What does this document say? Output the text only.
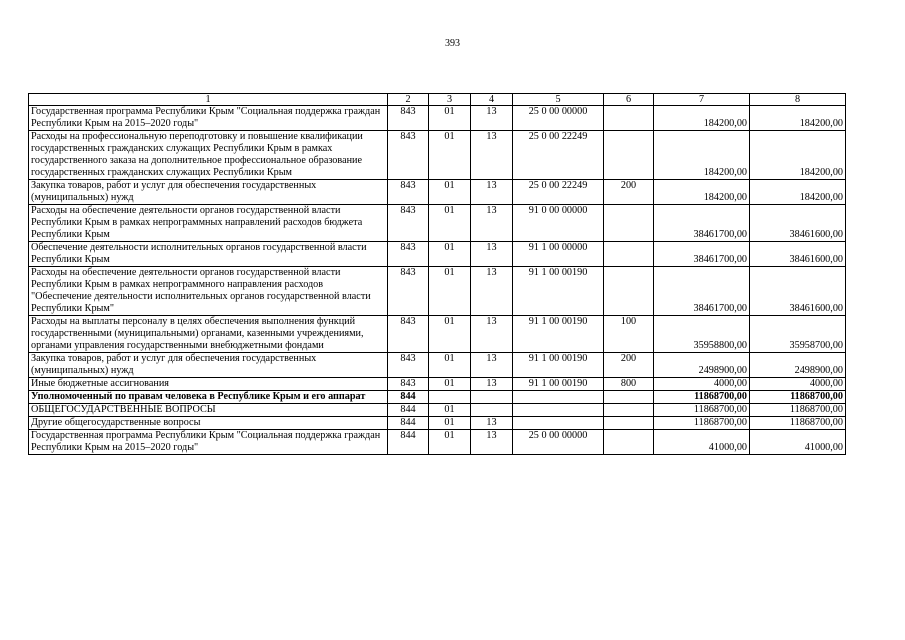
393
1	2	3	4	5	6	7	8
Государственная программа Республики Крым "Социальная поддержка граждан Республики Крым на 2015–2020 годы"	843	01	13	25 0 00 00000		184200,00	184200,00
Расходы на профессиональную переподготовку и повышение квалификации государственных гражданских служащих Республики Крым в рамках государственного заказа на дополнительное профессиональное образование государственных гражданских служащих Республики Крым	843	01	13	25 0 00 22249		184200,00	184200,00
Закупка товаров, работ и услуг для обеспечения государственных (муниципальных) нужд	843	01	13	25 0 00 22249	200	184200,00	184200,00
Расходы на обеспечение деятельности органов государственной власти Республики Крым в рамках непрограммных направлений расходов бюджета Республики Крым	843	01	13	91 0 00 00000		38461700,00	38461600,00
Обеспечение деятельности исполнительных органов государственной власти Республики Крым	843	01	13	91 1 00 00000		38461700,00	38461600,00
Расходы на обеспечение деятельности органов государственной власти Республики Крым в рамках непрограммного направления расходов "Обеспечение деятельности исполнительных органов государственной власти Республики Крым"	843	01	13	91 1 00 00190		38461700,00	38461600,00
Расходы на выплаты персоналу в целях обеспечения выполнения функций государственными (муниципальными) органами, казенными учреждениями, органами управления государственными внебюджетными фондами	843	01	13	91 1 00 00190	100	35958800,00	35958700,00
Закупка товаров, работ и услуг для обеспечения государственных (муниципальных) нужд	843	01	13	91 1 00 00190	200	2498900,00	2498900,00
Иные бюджетные ассигнования	843	01	13	91 1 00 00190	800	4000,00	4000,00
Уполномоченный по правам человека в Республике Крым и его аппарат	844					11868700,00	11868700,00
ОБЩЕГОСУДАРСТВЕННЫЕ ВОПРОСЫ	844	01				11868700,00	11868700,00
Другие общегосударственные вопросы	844	01	13			11868700,00	11868700,00
Государственная программа Республики Крым "Социальная поддержка граждан Республики Крым на 2015–2020 годы"	844	01	13	25 0 00 00000		41000,00	41000,00
